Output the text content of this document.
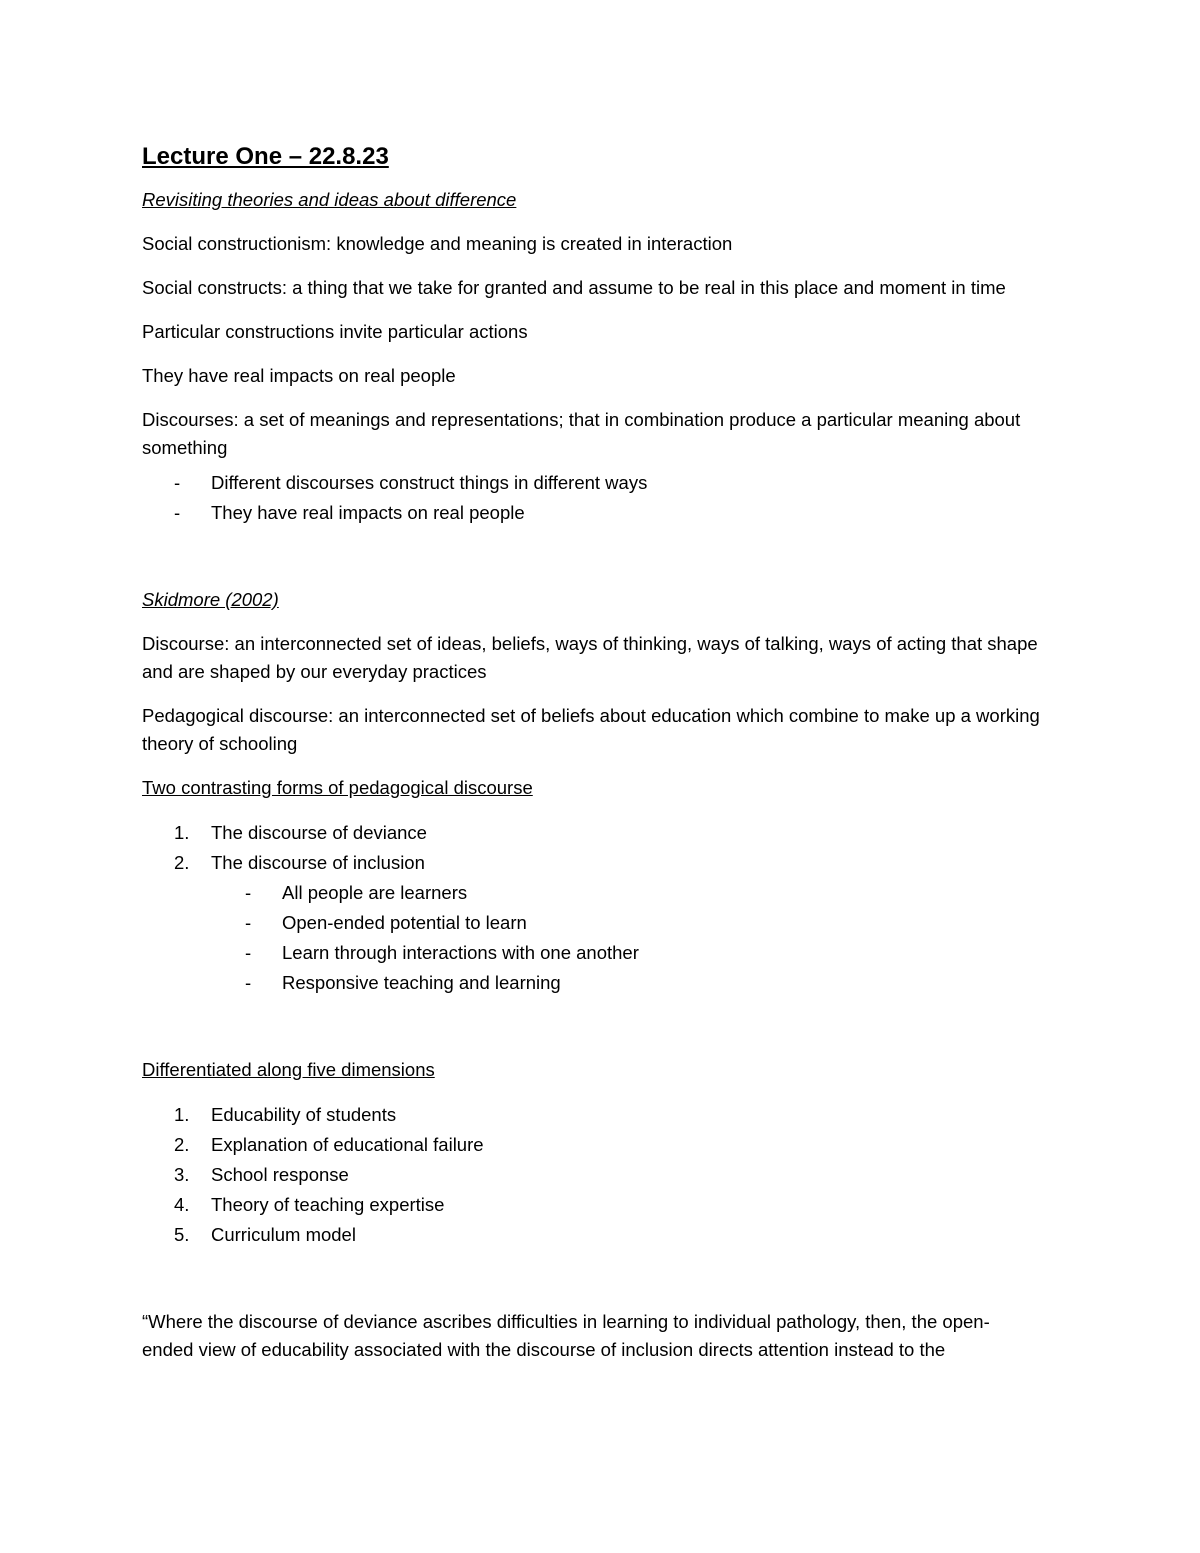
Lecture One – 22.8.23
Revisiting theories and ideas about difference

Social constructionism: knowledge and meaning is created in interaction

Social constructs: a thing that we take for granted and assume to be real in this place and moment in time

Particular constructions invite particular actions

They have real impacts on real people

Discourses: a set of meanings and representations; that in combination produce a particular meaning about something

-	Different discourses construct things in different ways
-	They have real impacts on real people
Skidmore (2002)

Discourse: an interconnected set of ideas, beliefs, ways of thinking, ways of talking, ways of acting that shape and are shaped by our everyday practices

Pedagogical discourse: an interconnected set of beliefs about education which combine to make up a working theory of schooling

Two contrasting forms of pedagogical discourse
1.	The discourse of deviance
2.	The discourse of inclusion
-	All people are learners
-	Open-ended potential to learn
-	Learn through interactions with one another
-	Responsive teaching and learning
Differentiated along five dimensions
1.	Educability of students
2.	Explanation of educational failure
3.	School response
4.	Theory of teaching expertise
5.	Curriculum model
“Where the discourse of deviance ascribes difficulties in learning to individual pathology, then, the open-
ended view of educability associated with the discourse of inclusion directs attention instead to the
